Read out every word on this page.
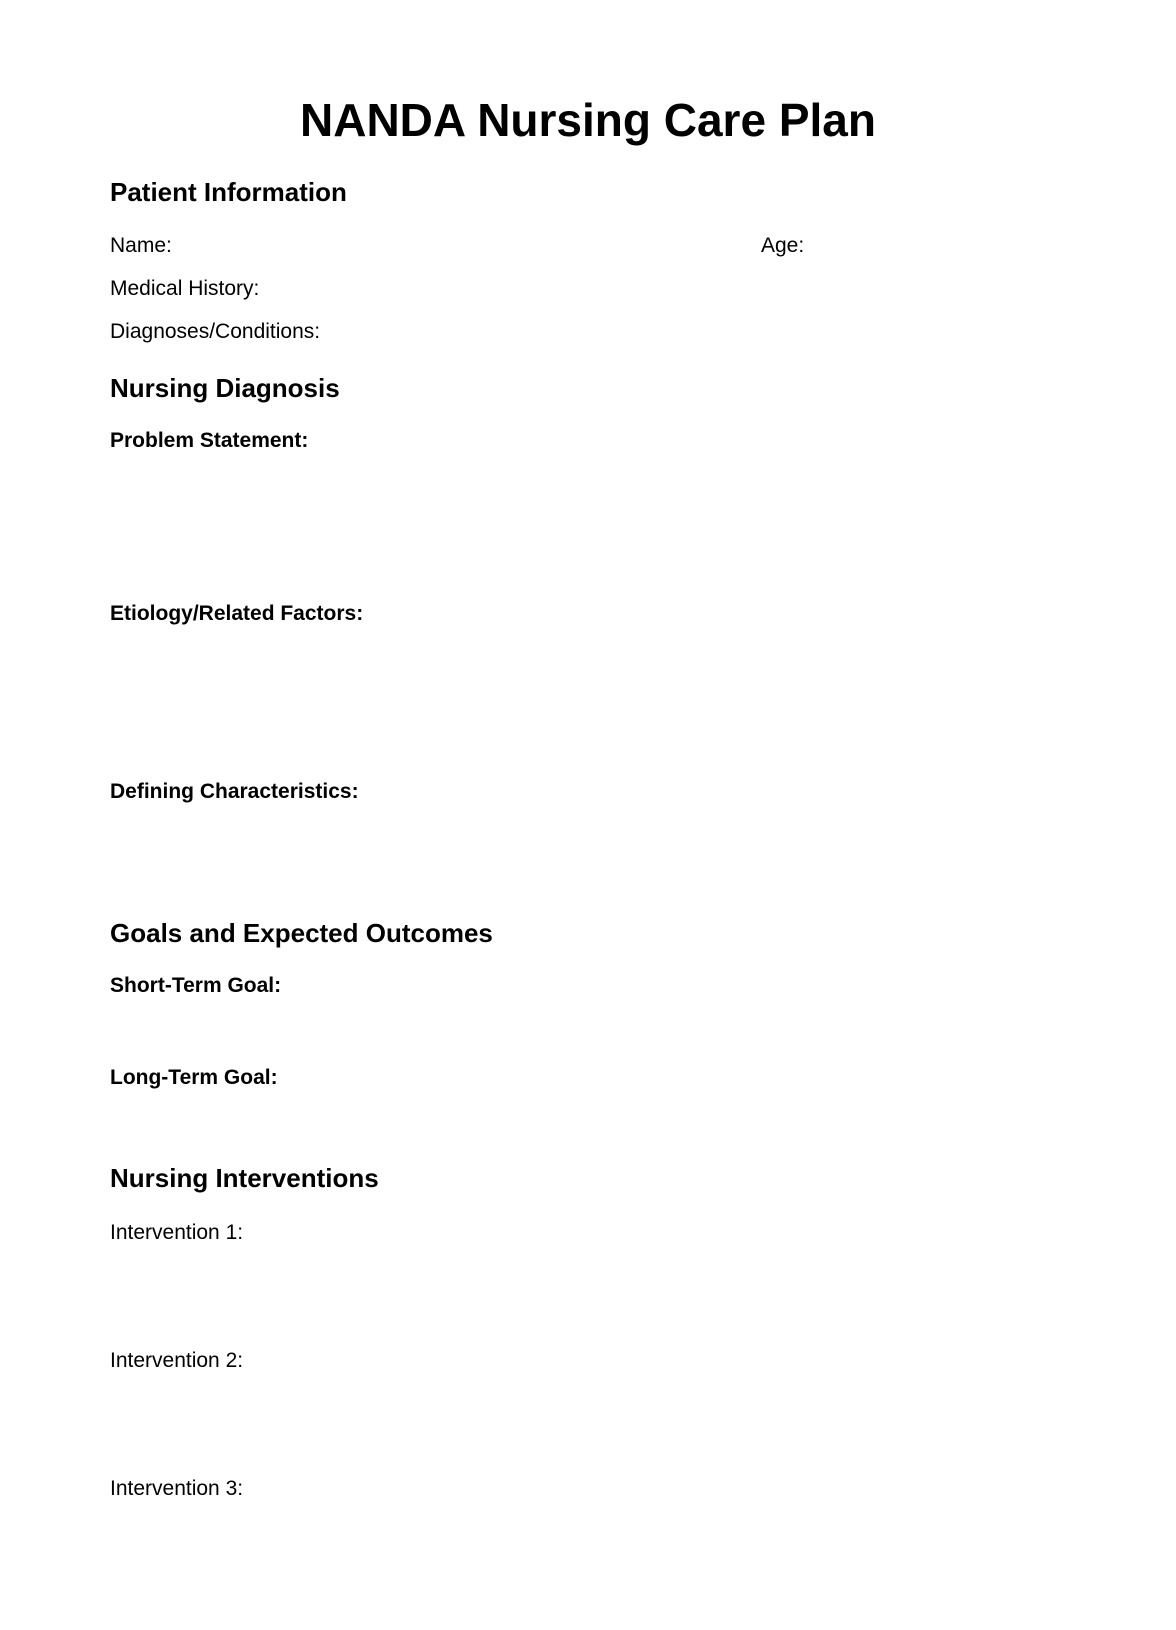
NANDA Nursing Care Plan
Patient Information
Name:	Age:
Medical History:
Diagnoses/Conditions:
Nursing Diagnosis
Problem Statement:
Etiology/Related Factors:
Defining Characteristics:
Goals and Expected Outcomes
Short-Term Goal:
Long-Term Goal:
Nursing Interventions
Intervention 1:
Intervention 2:
Intervention 3:
